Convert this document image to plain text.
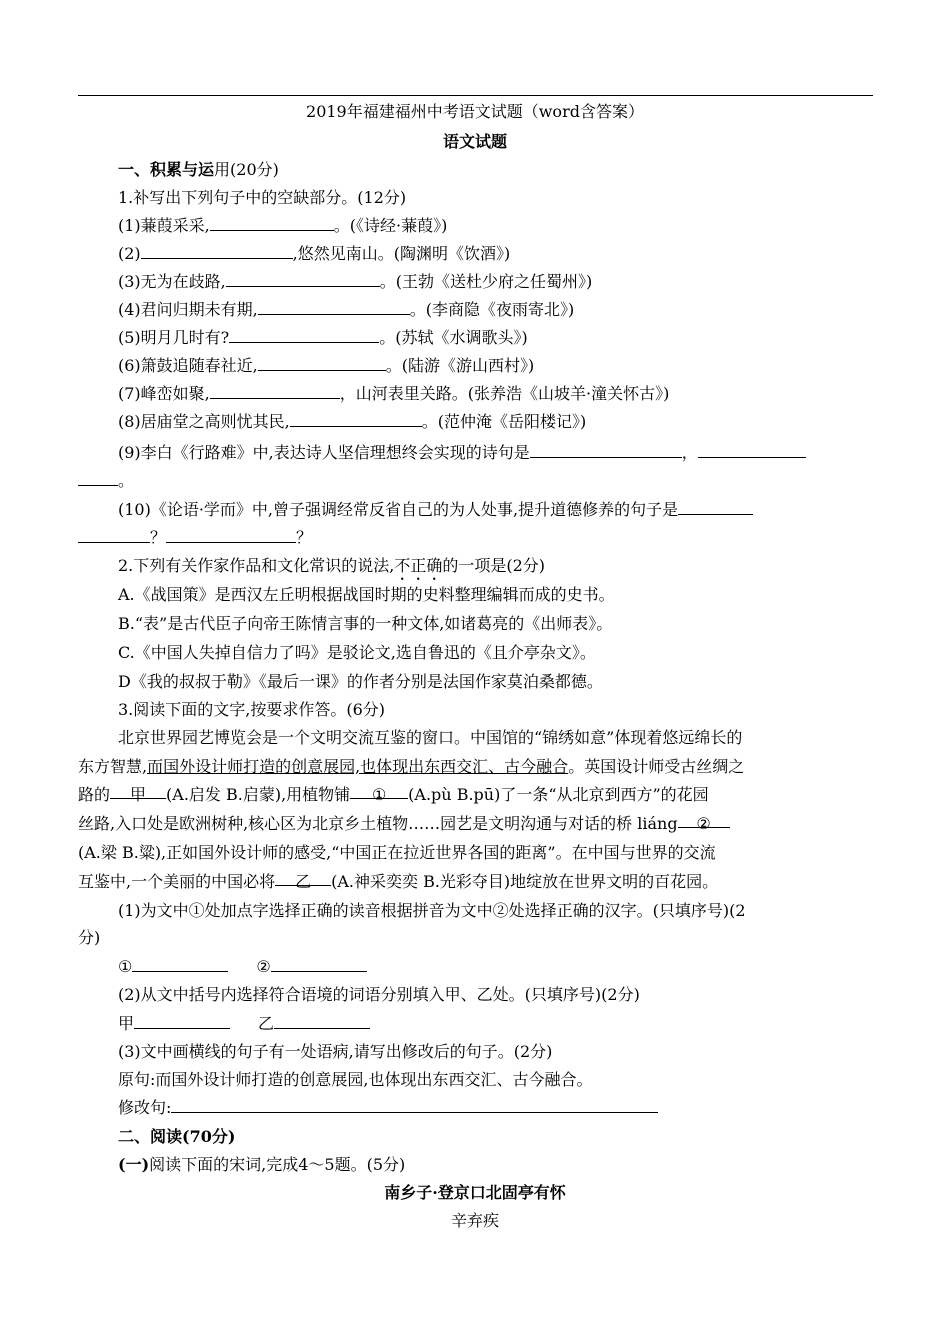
2019年福建福州中考语文试题（word含答案）
语文试题
一、积累与运用(20分)
1.补写出下列句子中的空缺部分。(12分)
(1)蒹葭采采,	。(《诗经·蒹葭》)
(2)	,悠然见南山。(陶渊明《饮酒》)
(3)无为在歧路,	。(王勃《送杜少府之任蜀州》)
(4)君问归期未有期,	。(李商隐《夜雨寄北》)
(5)明月几时有?	。(苏轼《水调歌头》)
(6)箫鼓追随春社近,	。(陆游《游山西村》)
(7)峰峦如聚,	，山河表里关路。(张养浩《山坡羊·潼关怀古》)
(8)居庙堂之高则忧其民,	。(范仲淹《岳阳楼记》)
(9)李白《行路难》中,表达诗人坚信理想终会实现的诗句是	，
。
(10)《论语·学而》中,曾子强调经常反省自己的为人处事,提升道德修养的句子是
？	？
2.下列有关作家作品和文化常识的说法,不正确的一项是(2分)
A.《战国策》是西汉左丘明根据战国时期的史料整理编辑而成的史书。
B.“表”是古代臣子向帝王陈情言事的一种文体,如诸葛亮的《出师表》。
C.《中国人失掉自信力了吗》是驳论文,选自鲁迅的《且介亭杂文》。
D《我的叔叔于勒》《最后一课》的作者分别是法国作家莫泊桑都德。
3.阅读下面的文字,按要求作答。(6分)
北京世界园艺博览会是一个文明交流互鉴的窗口。中国馆的“锦绣如意”体现着悠远绵长的
东方智慧,而国外设计师打造的创意展园,也体现出东西交汇、古今融合。英国设计师受古丝绸之
路的 甲 (A.启发 B.启蒙),用植物铺 ① (A.pù B.pū)了一条“从北京到西方”的花园
丝路,入口处是欧洲树种,核心区为北京乡土植物……园艺是文明沟通与对话的桥 liáng ②
(A.梁 B.粱),正如国外设计师的感受,“中国正在拉近世界各国的距离”。在中国与世界的交流
互鉴中,一个美丽的中国必将 乙 (A.神采奕奕 B.光彩夺目)地绽放在世界文明的百花园。
(1)为文中①处加点字选择正确的读音根据拼音为文中②处选择正确的汉字。(只填序号)(2
分)
①	②
(2)从文中括号内选择符合语境的词语分别填入甲、乙处。(只填序号)(2分)
甲	乙
(3)文中画横线的句子有一处语病,请写出修改后的句子。(2分)
原句:而国外设计师打造的创意展园,也体现出东西交汇、古今融合。
修改句:
二、阅读(70分)
(一)阅读下面的宋词,完成4～5题。(5分)
南乡子·登京口北固亭有怀
辛弃疾
